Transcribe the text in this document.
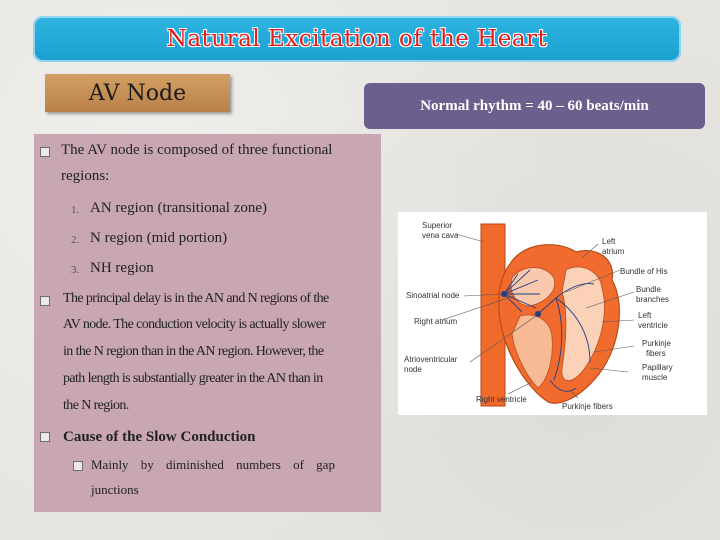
Natural Excitation of the Heart
AV Node	Normal rhythm = 40 – 60 beats/min
The AV node is composed of three functional
regions:
1. AN region (transitional zone)
2. N region (mid portion)
3. NH region
The principal delay is in the AN and N regions of the
AV node. The conduction velocity is actually slower
in the N region than in the AN region. However, the
path length is substantially greater in the AN than in
the N region.
Cause of the Slow Conduction
Mainly by diminished numbers of gap
junctions
Superior
vena cava
Left
atrium
Bundle of His
Bundle
branches
Sinoatrial node
Right atrium
Left
ventricle
Purkinje
fibers
Atrioventricular
node	Papillary
muscle
Right ventricle
Purkinje fibers
